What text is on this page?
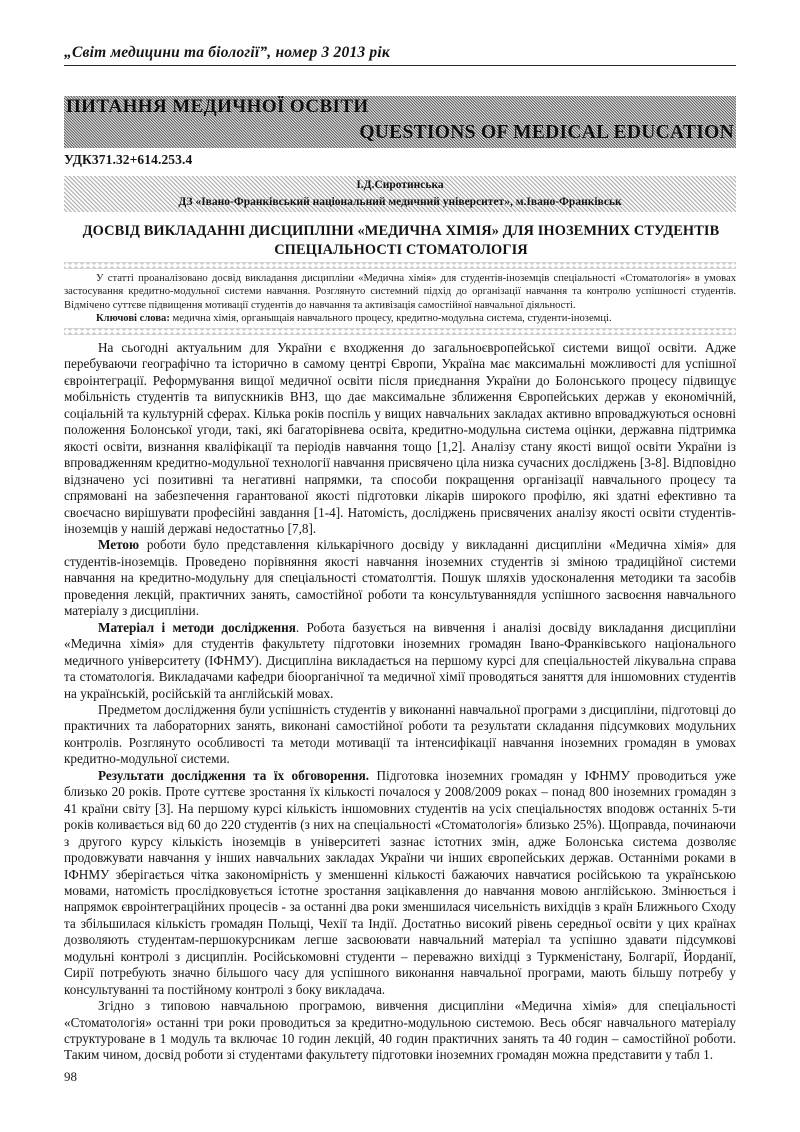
„Світ медицини та біології”, номер 3 2013 рік
ПИТАННЯ МЕДИЧНОЇ ОСВІТИ
QUESTIONS OF MEDICAL EDUCATION
УДК371.32+614.253.4
І.Д.Сиротинська
ДЗ «Івано-Франківський національний медичний університет», м.Івано-Франківськ
ДОСВІД ВИКЛАДАННІ ДИСЦИПЛІНИ «МЕДИЧНА ХІМІЯ» ДЛЯ ІНОЗЕМНИХ СТУДЕНТІВ СПЕЦІАЛЬНОСТІ СТОМАТОЛОГІЯ

У статті проаналізовано досвід викладання дисципліни «Медична хімія» для студентів-іноземців спеціальності «Стоматологія» в умовах застосування кредитно-модульної системи навчання. Розглянуто системний підхід до організації навчання та контролю успішності студентів. Відмічено суттєве підвищення мотивації студентів до навчання та активізація самостійної навчальної діяльності.

Ключові слова: медична хімія, органыщаія навчального процесу, кредитно-модульна система, студенти-іноземці.

На сьогодні актуальним для України є входження до загальноєвропейської системи вищої освіти. Адже перебуваючи географічно та історично в самому центрі Європи, Україна має максимальні можливості для успішної євроінтеграції. Реформування вищої медичної освіти після приєднання України до Болонського процесу підвищує мобільність студентів та випускників ВНЗ, що дає максимальне зближення Європейських держав у економічній, соціальній та культурній сферах. Кілька років поспіль у вищих навчальних закладах активно впроваджуються основні положення Болонської угоди, такі, які багаторівнева освіта, кредитно-модульна система оцінки, державна підтримка якості освіти, визнання кваліфікації та періодів навчання тощо [1,2]. Аналізу стану якості вищої освіти України із впровадженням кредитно-модульної технології навчання присвячено ціла низка сучасних досліджень [3-8]. Відповідно відзначено усі позитивні та негативні напрямки, та способи покращення організації навчального процесу та спрямовані на забезпечення гарантованої якості підготовки лікарів широкого профілю, які здатні ефективно та своєчасно вирішувати професійні завдання [1-4]. Натомість, досліджень присвячених аналізу якості освіти студентів-іноземців у нашій державі недостатньо [7,8].

Метою роботи було представлення кількарічного досвіду у викладанні дисципліни «Медична хімія» для студентів-іноземців. Проведено порівняння якості навчання іноземних студентів зі зміною традиційної системи навчання на кредитно-модульну для спеціальності стоматолгтія. Пошук шляхів удосконалення методики та засобів проведення лекцій, практичних занять, самостійної роботи та консультуваннядля успішного засвоєння навчального матеріалу з дисципліни.

Матеріал і методи дослідження. Робота базується на вивчення і аналізі досвіду викладання дисципліни «Медична хімія» для студентів факультету підготовки іноземних громадян Івано-Франківського національного медичного університету (ІФНМУ). Дисципліна викладається на першому курсі для спеціальностей лікувальна справа та стоматологія. Викладачами кафедри біоорганічної та медичної хімії проводяться заняття для іншомовних студентів на українській, російській та англійській мовах.

Предметом дослідження були успішність студентів у виконанні навчальної програми з дисципліни, підготовці до практичних та лабораторних занять, виконані самостійної роботи та результати складання підсумкових модульних контролів. Розглянуто особливості та методи мотивації та інтенсифікації навчання іноземних громадян в умовах кредитно-модульної системи.

Результати дослідження та їх обговорення. Підготовка іноземних громадян у ІФНМУ проводиться уже близько 20 років. Проте суттєве зростання їх кількості почалося у 2008/2009 роках – понад 800 іноземних громадян з 41 країни світу [3]. На першому курсі кількість іншомовних студентів на усіх спеціальностях вподовж останніх 5-ти років коливається від 60 до 220 студентів (з них на спеціальності «Стоматологія» близько 25%). Щоправда, починаючи з другого курсу кількість іноземців в університеті зазнає істотних змін, адже Болонська система дозволяє продовжувати навчання у інших навчальних закладах України чи інших європейських держав. Останніми роками в ІФНМУ зберігається чітка закономірність у зменшенні кількості бажаючих навчатися російською та українською мовами, натомість прослідковується істотне зростання зацікавлення до навчання мовою англійською. Змінюється і напрямок євроінтеграційних процесів - за останні два роки зменшилася чисельність вихідців з країн Ближнього Сходу та збільшилася кількість громадян Польщі, Чехії та Індії. Достатньо високий рівень середньої освіти у цих країнах дозволяють студентам-першокурсникам легше засвоювати навчальний матеріал та успішно здавати підсумкові модульні контролі з дисциплін. Російськомовні студенти – переважно вихідці з Туркменістану, Болгарії, Йорданії, Сирії потребують значно більшого часу для успішного виконання навчальної програми, мають більшу потребу у консультуванні та постійному контролі з боку викладача.

Згідно з типовою навчальною програмою, вивчення дисципліни «Медична хімія» для спеціальності «Стоматологія» останні три роки проводиться за кредитно-модульною системою. Весь обсяг навчального матеріалу структуроване в 1 модуль та включає 10 годин лекцій, 40 годин практичних занять та 40 годин – самостійної роботи. Таким чином, досвід роботи зі студентами факультету підготовки іноземних громадян можна представити у табл 1.

98
